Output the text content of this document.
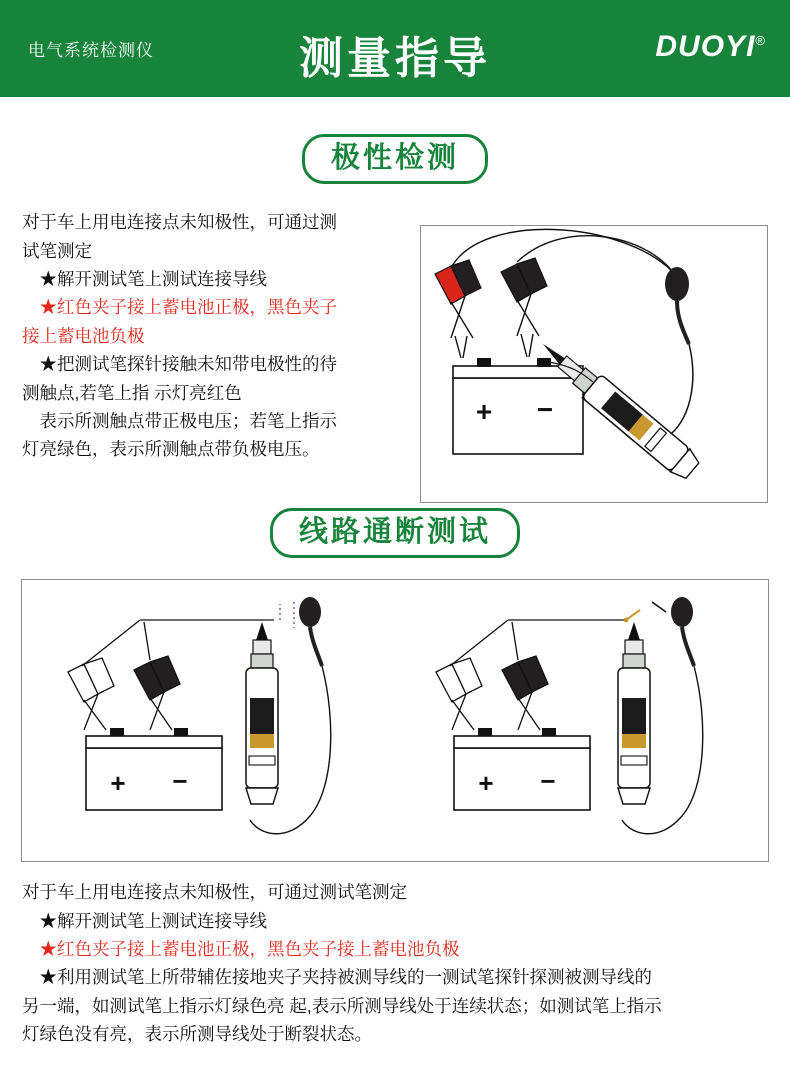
电气系统检测仪	测量指导	DUOYI®
极性检测

对于车上用电连接点未知极性，可通过测

试笔测定

★解开测试笔上测试连接导线

★红色夹子接上蓄电池正极，黑色夹子

接上蓄电池负极

★把测试笔探针接触未知带电极性的待

测触点,若笔上指 示灯亮红色

表示所测触点带正极电压；若笔上指示

灯亮绿色，表示所测触点带负极电压。

+ −
线路通断测试
+ −	+ −

对于车上用电连接点未知极性，可通过测试笔测定

★解开测试笔上测试连接导线

★红色夹子接上蓄电池正极，黑色夹子接上蓄电池负极

★利用测试笔上所带辅佐接地夹子夹持被测导线的一测试笔探针探测被测导线的

另一端，如测试笔上指示灯绿色亮 起,表示所测导线处于连续状态；如测试笔上指示

灯绿色没有亮，表示所测导线处于断裂状态。
